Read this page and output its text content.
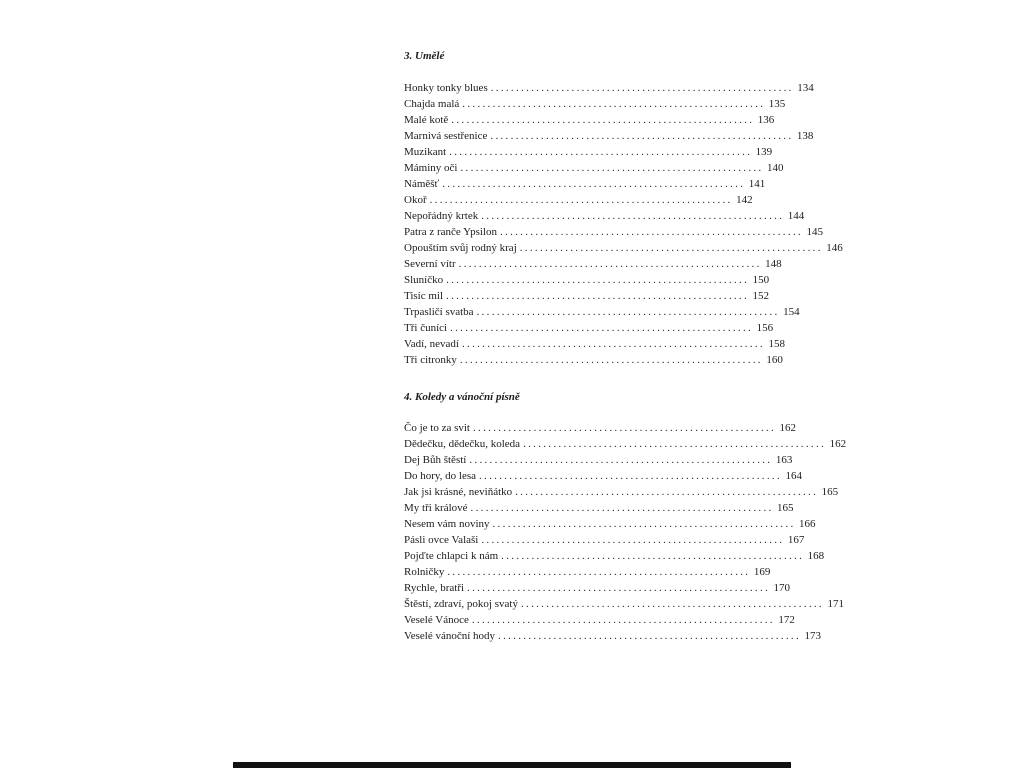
3. Umělé
Honky tonky blues ............................................................ 134
Chajda malá ............................................................ 135
Malé kotě ............................................................ 136
Marnivá sestřenice ............................................................ 138
Muzikant ............................................................ 139
Máminy oči ............................................................ 140
Náměšť ............................................................ 141
Okoř ............................................................ 142
Nepořádný krtek ............................................................ 144
Patra z ranče Ypsilon ............................................................ 145
Opouštím svůj rodný kraj ............................................................ 146
Severní vítr ............................................................ 148
Sluníčko ............................................................ 150
Tisíc mil ............................................................ 152
Trpasličí svatba ............................................................ 154
Tři čuníci ............................................................ 156
Vadí, nevadí ............................................................ 158
Tři citronky ............................................................ 160
4. Koledy a vánoční písně
Čo je to za svit ............................................................ 162
Dědečku, dědečku, koleda ............................................................ 162
Dej Bůh štěstí ............................................................ 163
Do hory, do lesa ............................................................ 164
Jak jsi krásné, neviňátko ............................................................ 165
My tři králové ............................................................ 165
Nesem vám noviny ............................................................ 166
Pásli ovce Valaši ............................................................ 167
Pojďte chlapci k nám ............................................................ 168
Rolničky ............................................................ 169
Rychle, bratři ............................................................ 170
Štěstí, zdraví, pokoj svatý ............................................................ 171
Veselé Vánoce ............................................................ 172
Veselé vánoční hody ............................................................ 173
